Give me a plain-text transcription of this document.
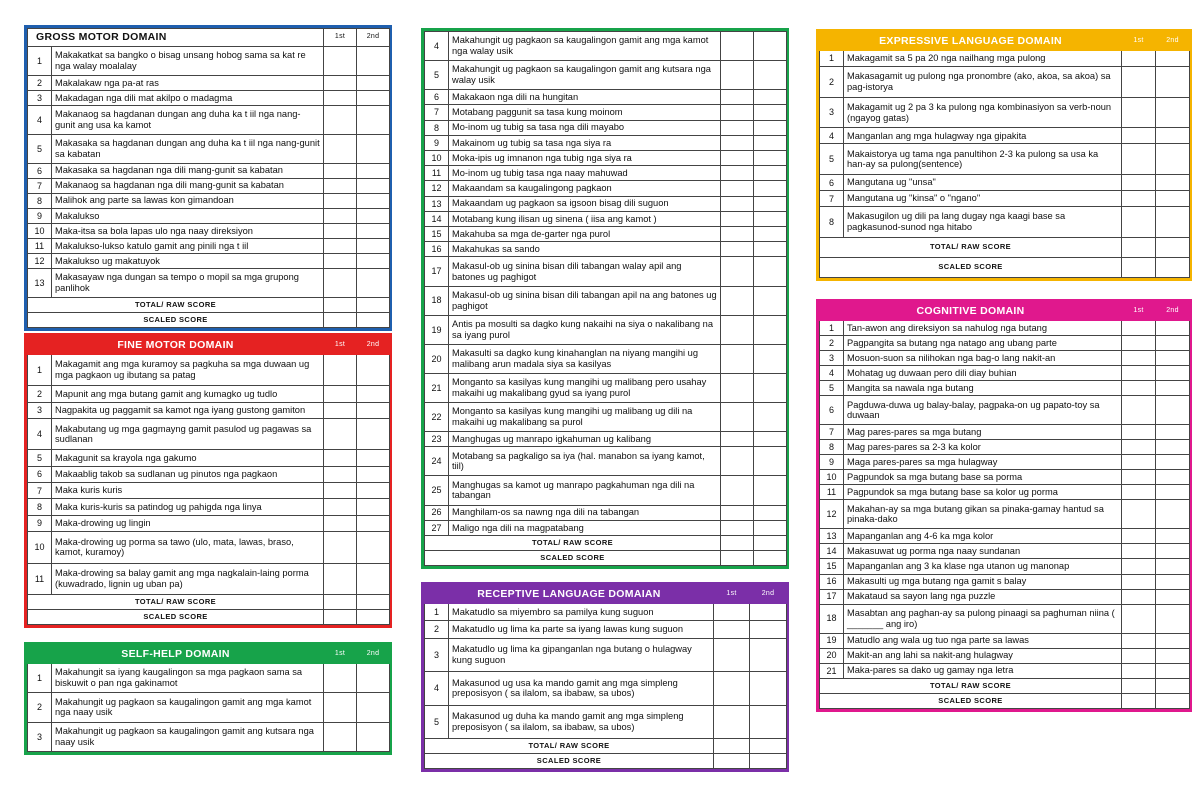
GROSS MOTOR DOMAIN		1st	2nd
1	Makakatkat sa bangko o bisag unsang hobog sama sa kat re nga walay moalalay		
2	Makalakaw nga pa-at ras		
3	Makadagan nga dili mat akilpo o madagma		
4	Makanaog sa hagdanan dungan ang duha ka t iil nga nang-gunit ang usa ka kamot		
5	Makasaka sa hagdanan dungan ang duha ka t iil nga nang-gunit sa kabatan		
6	Makasaka sa hagdanan nga dili mang-gunit sa kabatan		
7	Makanaog sa hagdanan nga dili mang-gunit sa kabatan		
8	Malihok ang parte sa lawas kon gimandoan		
9	Makalukso		
10	Maka-itsa sa bola lapas ulo nga naay direksiyon		
11	Makalukso-lukso katulo gamit ang pinili nga t iil		
12	Makalukso ug makatuyok		
13	Makasayaw nga dungan sa tempo o mopil sa mga grupong panlihok		
TOTAL/ RAW SCORE			
SCALED SCORE			
FINE MOTOR DOMAIN		1st	2nd
1	Makagamit ang mga kuramoy sa pagkuha sa mga duwaan ug mga pagkaon ug ibutang sa patag		
2	Mapunit ang mga butang gamit ang kumagko ug tudlo		
3	Nagpakita ug paggamit sa kamot nga iyang gustong gamiton		
4	Makabutang ug mga gagmayng gamit pasulod ug pagawas sa sudlanan		
5	Makagunit sa krayola nga gakumo		
6	Makaablig takob sa sudlanan ug pinutos nga pagkaon		
7	Maka kuris kuris		
8	Maka kuris-kuris sa patindog ug pahigda nga linya		
9	Maka-drowing ug lingin		
10	Maka-drowing ug porma sa tawo (ulo, mata, lawas, braso, kamot, kuramoy)		
11	Maka-drowing sa balay gamit ang mga nagkalain-laing porma (kuwadrado, lignin ug uban pa)		
TOTAL/ RAW SCORE			
SCALED SCORE			
SELF-HELP DOMAIN		1st	2nd
1	Makahungit sa iyang kaugalingon sa mga pagkaon sama sa biskuwit o pan nga gakinamot		
2	Makahungit ug pagkaon sa kaugalingon gamit ang mga kamot nga naay usik		
3	Makahungit ug pagkaon sa kaugalingon gamit ang kutsara nga naay usik		
4	Makahungit ug pagkaon sa kaugalingon gamit ang mga kamot nga walay usik		
5	Makahungit ug pagkaon sa kaugalingon gamit ang kutsara nga walay usik		
6	Makakaon nga dili na hungitan		
7	Motabang paggunit sa tasa kung moinom		
8	Mo-inom ug tubig sa tasa nga dili mayabo		
9	Makainom ug tubig sa tasa nga siya ra		
10	Moka-ipis ug imnanon nga tubig nga siya ra		
11	Mo-inom ug tubig tasa nga naay mahuwad		
12	Makaandam sa kaugalingong pagkaon		
13	Makaandam ug pagkaon sa igsoon bisag dili suguon		
14	Motabang kung ilisan ug sinena ( iisa ang kamot )		
15	Makahuba sa mga de-garter nga purol		
16	Makahukas sa sando		
17	Makasul-ob ug sinina bisan dili tabangan walay apil ang batones ug paghigot		
18	Makasul-ob ug sinina bisan dili tabangan apil na ang batones ug paghigot		
19	Antis pa mosulti sa dagko kung nakaihi na siya o nakalibang na sa iyang purol		
20	Makasulti sa dagko kung kinahanglan na niyang mangihi ug malibang arun madala siya sa kasilyas		
21	Monganto sa kasilyas kung mangihi ug malibang pero usahay makaihi ug makalibang gyud sa iyang purol		
22	Monganto sa kasilyas kung mangihi ug malibang ug dili na makaihi ug makalibang sa purol		
23	Manghugas ug manrapo igkahuman ug kalibang		
24	Motabang sa pagkaligo sa iya (hal. manabon sa iyang kamot, tiil)		
25	Manghugas sa kamot ug manrapo pagkahuman nga dili na tabangan		
26	Manghilam-os sa nawng nga dili na tabangan		
27	Maligo nga dili na magpatabang		
TOTAL/ RAW SCORE			
SCALED SCORE			
RECEPTIVE LANGUAGE DOMAIAN		1st	2nd
1	Makatudlo sa miyembro sa pamilya kung suguon		
2	Makatudlo ug lima ka parte sa iyang lawas kung suguon		
3	Makatudlo ug lima ka gipanganlan nga butang o hulagway kung suguon		
4	Makasunod ug usa ka mando gamit ang mga simpleng preposisyon ( sa ilalom, sa ibabaw, sa ubos)		
5	Makasunod ug duha ka mando gamit ang mga simpleng preposisyon ( sa ilalom, sa ibabaw, sa ubos)		
TOTAL/ RAW SCORE			
SCALED SCORE			
EXPRESSIVE LANGUAGE DOMAIN		1st	2nd
1	Makagamit sa 5 pa 20 nga nailhang mga pulong		
2	Makasagamit ug pulong nga pronombre (ako, akoa, sa akoa) sa pag-istorya		
3	Makagamit ug 2 pa 3 ka pulong nga kombinasiyon sa verb-noun (ngayog gatas)		
4	Manganlan ang mga hulagway nga gipakita		
5	Makaistorya ug tama nga panultihon 2-3 ka pulong sa usa ka han-ay sa pulong(sentence)		
6	Mangutana ug "unsa"		
7	Mangutana ug "kinsa" o "ngano"		
8	Makasugilon ug dili pa lang dugay nga kaagi base sa pagkasunod-sunod nga hitabo		
TOTAL/ RAW SCORE			
SCALED SCORE			
COGNITIVE DOMAIN		1st	2nd
1	Tan-awon ang direksiyon sa nahulog nga butang		
2	Pagpangita sa butang nga natago ang ubang parte		
3	Mosuon-suon sa nilihokan nga bag-o lang nakit-an		
4	Mohatag ug duwaan pero dili diay buhian		
5	Mangita sa nawala nga butang		
6	Pagduwa-duwa ug balay-balay, pagpaka-on ug papato-toy sa duwaan		
7	Mag pares-pares sa mga butang		
8	Mag pares-pares sa 2-3 ka kolor		
9	Maga pares-pares sa mga hulagway		
10	Pagpundok sa mga butang base sa porma		
11	Pagpundok sa mga butang base sa kolor ug porma		
12	Makahan-ay sa mga butang gikan sa pinaka-gamay hantud sa pinaka-dako		
13	Mapanganlan ang 4-6 ka mga kolor		
14	Makasuwat ug porma nga naay sundanan		
15	Mapanganlan ang 3 ka klase nga utanon ug manonap		
16	Makasulti ug mga butang nga gamit s balay		
17	Makataud sa sayon lang nga puzzle		
18	Masabtan ang paghan-ay sa pulong pinaagi sa paghuman niina ( _______ ang iro)		
19	Matudlo ang wala ug tuo nga parte sa lawas		
20	Makit-an ang lahi sa nakit-ang hulagway		
21	Maka-pares sa dako ug gamay nga letra		
TOTAL/ RAW SCORE			
SCALED SCORE			
